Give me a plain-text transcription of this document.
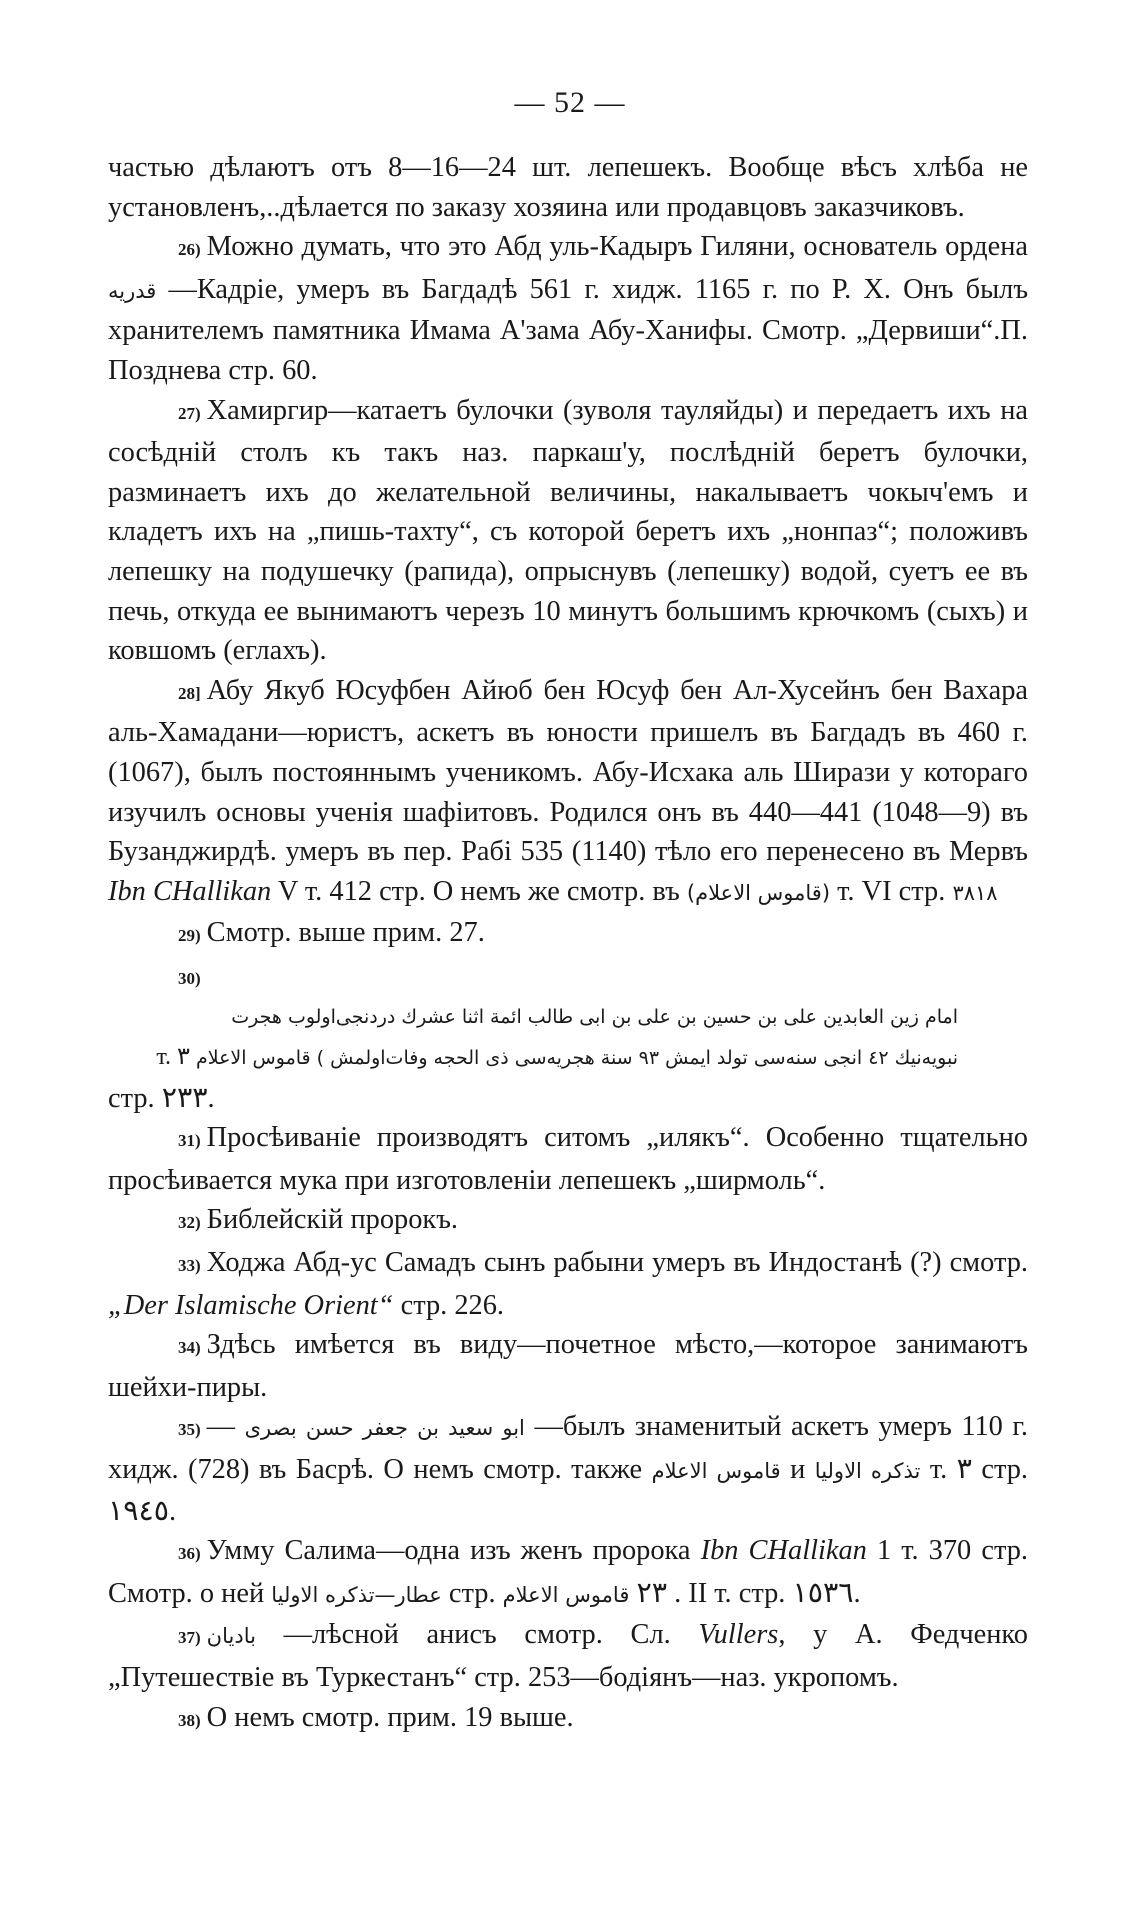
— 52 —

частью дѣлаютъ отъ 8—16—24 шт. лепешекъ. Вообще вѣсъ хлѣба не установленъ,..дѣлается по заказу хозяина или продавцовъ заказчиковъ.

26) Можно думать, что это Абд уль-Кадыръ Гиляни, основатель ордена قدريه —Кадріе, умеръ въ Багдадѣ 561 г. хидж. 1165 г. по Р. Х. Онъ былъ хранителемъ памятника Имама А'зама Абу-Ханифы. Смотр. „Дервиши“.П. Позднева стр. 60.

27) Хамиргир—катаетъ булочки (зуволя тауляйды) и передаетъ ихъ на сосѣдній столъ къ такъ наз. паркаш'у, послѣдній беретъ булочки, разминаетъ ихъ до желательной величины, накалываетъ чокыч'емъ и кладетъ ихъ на „пишь-тахту“, съ которой беретъ ихъ „нонпаз“; положивъ лепешку на подушечку (рапида), опрыснувъ (лепешку) водой, суетъ ее въ печь, откуда ее вынимаютъ черезъ 10 минутъ большимъ крючкомъ (сыхъ) и ковшомъ (еглахъ).

28] Абу Якуб Юсуфбен Айюб бен Юсуф бен Ал-Хусейнъ бен Вахара аль-Хамадани—юристъ, аскетъ въ юности пришелъ въ Багдадъ въ 460 г. (1067), былъ постояннымъ ученикомъ. Абу-Исхака аль Ширази у котораго изучилъ основы ученія шафіитовъ. Родился онъ въ 440—441 (1048—9) въ Бузанджирдѣ. умеръ въ пер. Рабі 535 (1140) тѣло его перенесено въ Мервъ Ibn CHallikan V т. 412 стр. О немъ же смотр. въ (قاموس الاعلام) т. VI стр. ٣٨١٨

29) Смотр. выше прим. 27.

30)
امام زين العابدين على بن حسين بن على بن ابى طالب ائمة اثنا عشرك دردنجى‌اولوب هجرت
نبويه‌نيك ٤٢ انجى سنه‌سى تولد ايمش ٩٣ سنة هجريه‌سى ذى الحجه وفات‌اولمش ) قاموس الاعلام т. ٣
стр. ٢٣٣.

31) Просѣиваніе производятъ ситомъ „илякъ“. Особенно тщательно просѣивается мука при изготовленіи лепешекъ „ширмоль“.

32) Библейскій пророкъ.

33) Ходжа Абд-ус Самадъ сынъ рабыни умеръ въ Индостанѣ (?) смотр. „Der Islamische Orient“ стр. 226.

34) Здѣсь имѣется въ виду—почетное мѣсто,—которое занимаютъ шейхи-пиры.

35) — ابو سعيد بن جعفر حسن بصرى —былъ знаменитый аскетъ умеръ 110 г. хидж. (728) въ Басрѣ. О немъ смотр. также قاموس الاعلام и تذكره الاوليا т. ٣ стр. ١٩٤٥.

36) Умму Салима—одна изъ женъ пророка Ibn CHallikan 1 т. 370 стр. Смотр. о ней عطار—تذكره الاوليا стр. ٢٣ قاموس الاعلام . II т. стр. ١٥٣٦.

37) بادیان —лѣсной анисъ смотр. Сл. Vullers, у А. Федченко „Путешествіе въ Туркестанъ“ стр. 253—бодіянъ—наз. укропомъ.

38) О немъ смотр. прим. 19 выше.
